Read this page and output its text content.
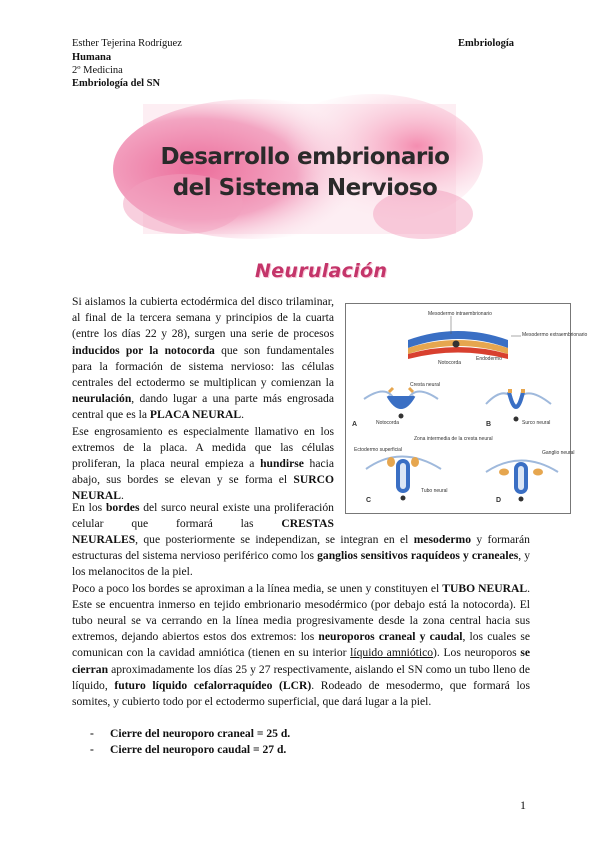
Esther Tejerina Rodríguez	Embriología
Humana
2º Medicina
Embriología del SN
Desarrollo embrionario
del Sistema Nervioso
Neurulación
Si aislamos la cubierta ectodérmica del disco trilaminar, al final de la tercera semana y principios de la cuarta (entre los días 22 y 28), surgen una serie de procesos inducidos por la notocorda que son fundamentales para la formación de sistema nervioso: las células centrales del ectodermo se multiplican y comienzan la neurulación, dando lugar a una parte más engrosada central que es la PLACA NEURAL.
Ese engrosamiento es especialmente llamativo en los extremos de la placa. A medida que las células proliferan, la placa neural empieza a hundirse hacia abajo, sus bordes se elevan y se forma el SURCO NEURAL.
En los bordes del surco neural existe una proliferación celular que formará las CRESTAS
NEURALES, que posteriormente se independizan, se integran en el mesodermo y formarán estructuras del sistema nervioso periférico como los ganglios sensitivos raquídeos y craneales, y los melanocitos de la piel.
Poco a poco los bordes se aproximan a la línea media, se unen y constituyen el TUBO NEURAL. Este se encuentra inmerso en tejido embrionario mesodérmico (por debajo está la notocorda). El tubo neural se va cerrando en la línea media progresivamente desde la zona central hacia sus extremos, dejando abiertos estos dos extremos: los neuroporos craneal y caudal, los cuales se comunican con la cavidad amniótica (tienen en su interior líquido amniótico). Los neuroporos se cierran aproximadamente los días 25 y 27 respectivamente, aislando el SN como un tubo lleno de líquido, futuro líquido cefalorraquídeo (LCR). Rodeado de mesodermo, que formará los somites, y cubierto todo por el ectodermo superficial, que dará lugar a la piel.
- Cierre del neuroporo craneal = 25 d.
- Cierre del neuroporo caudal = 27 d.
Mesodermo intraembrionario
Mesodermo extraembrionario
Notocorda
Endodermo
Cresta neural
Notocorda
A	Surco neural
B
Zona intermedia de la cresta neural
Ectodermo superficial
Tubo neural
C
Ganglio neural
D
1
